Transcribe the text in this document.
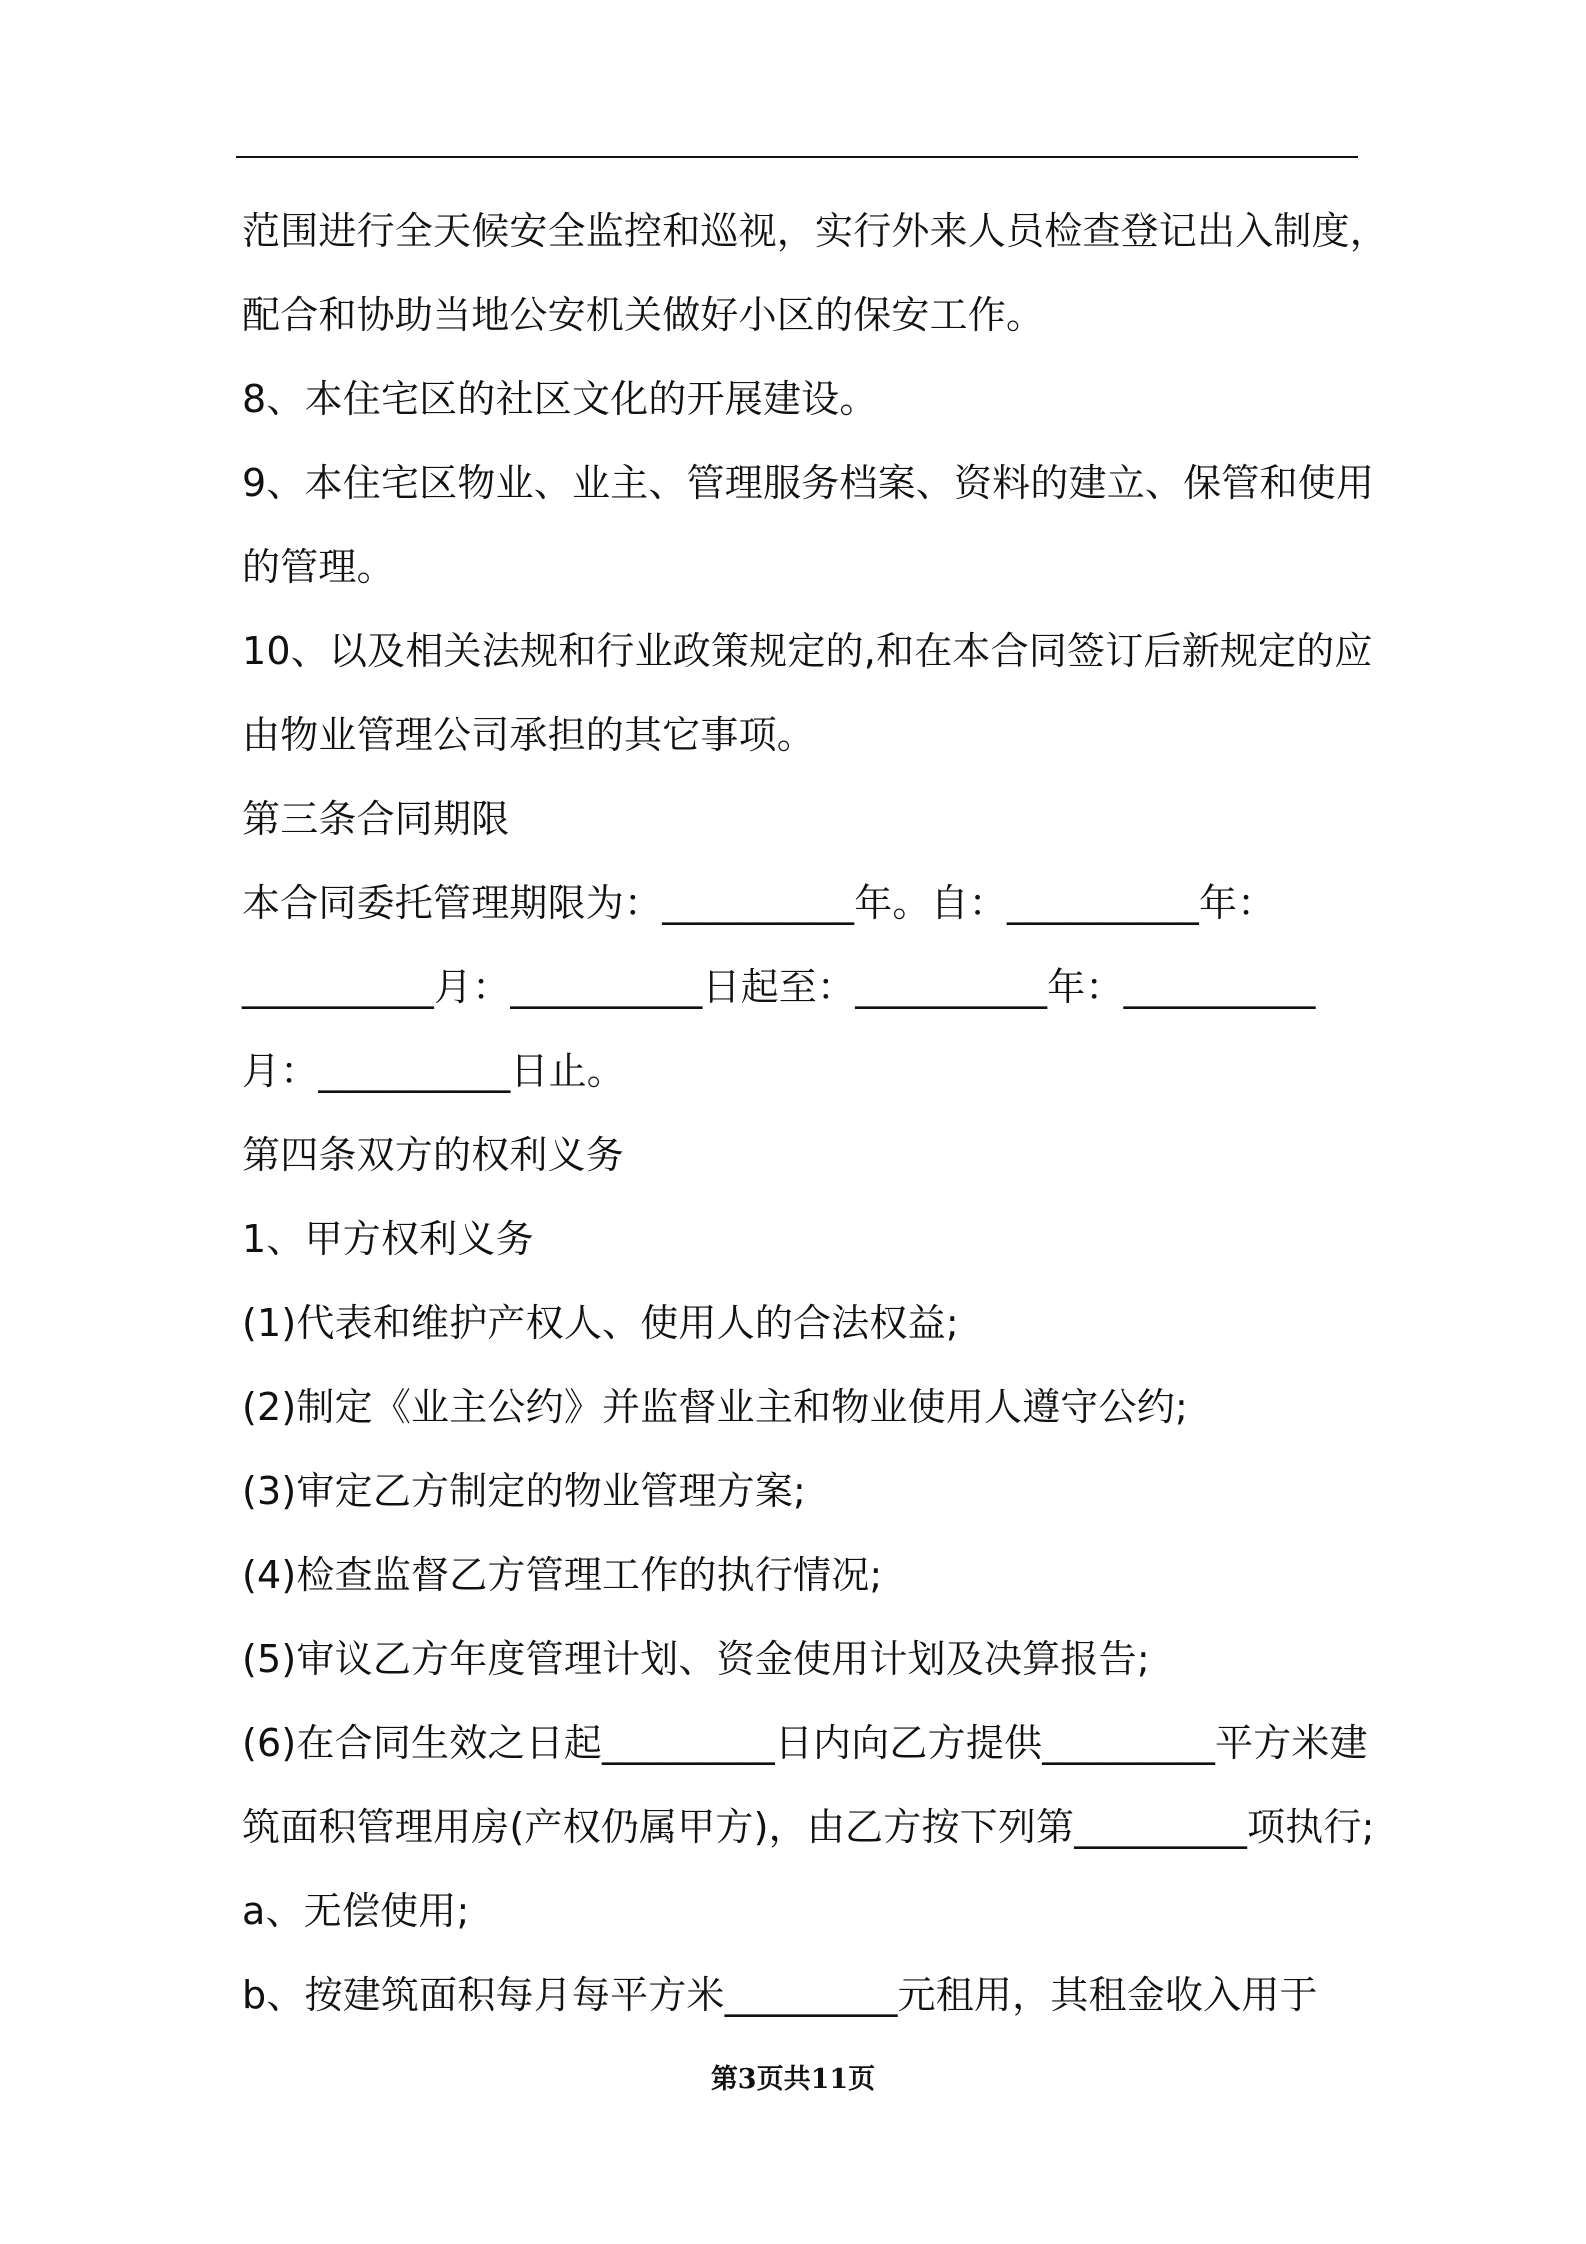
范围进行全天候安全监控和巡视，实行外来人员检查登记出入制度，
配合和协助当地公安机关做好小区的保安工作。
8、本住宅区的社区文化的开展建设。
9、本住宅区物业、业主、管理服务档案、资料的建立、保管和使用
的管理。
10、以及相关法规和行业政策规定的,和在本合同签订后新规定的应
由物业管理公司承担的其它事项。
第三条合同期限
本合同委托管理期限为：__________年。自：__________年：
__________月：__________日起至：__________年：__________
月：__________日止。
第四条双方的权利义务
1、甲方权利义务
(1)代表和维护产权人、使用人的合法权益;
(2)制定《业主公约》并监督业主和物业使用人遵守公约;
(3)审定乙方制定的物业管理方案;
(4)检查监督乙方管理工作的执行情况;
(5)审议乙方年度管理计划、资金使用计划及决算报告;
(6)在合同生效之日起_________日内向乙方提供_________平方米建
筑面积管理用房(产权仍属甲方)，由乙方按下列第_________项执行;
a、无偿使用;
b、按建筑面积每月每平方米_________元租用，其租金收入用于
第3页共11页
